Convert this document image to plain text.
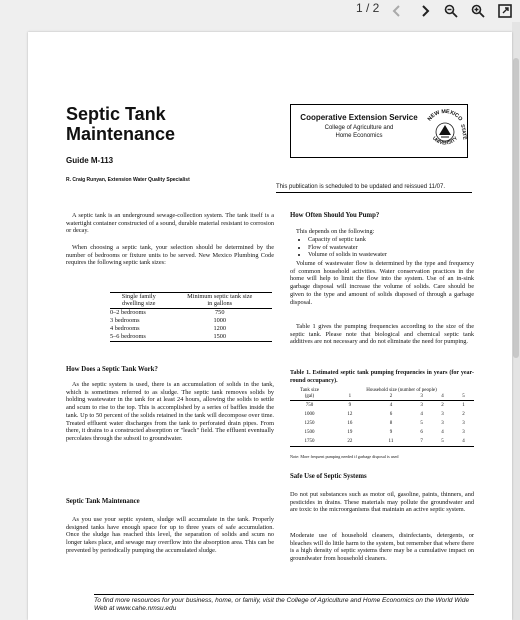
1 / 2
Septic Tank
Maintenance
Cooperative Extension Service
College of Agriculture and
Home Economics
NEW MEXICO
STATE
UNIVERSITY
Guide M-113
R. Craig Runyan, Extension Water Quality Specialist
This publication is scheduled to be updated and reissued 11/07.

A septic tank is an underground sewage-collection system. The tank itself is a watertight container constructed of a sound, durable material resistant to corrosion or decay.

When choosing a septic tank, your selection should be determined by the number of bedrooms or fixture units to be served. New Mexico Plumbing Code requires the following septic tank sizes:

Single family
dwelling size	Minimum septic tank size
in gallons
0–2 bedrooms	750
3 bedrooms	1000
4 bedrooms	1200
5–6 bedrooms	1500
How Does a Septic Tank Work?

As the septic system is used, there is an accumulation of solids in the tank, which is sometimes referred to as sludge. The septic tank removes solids by holding wastewater in the tank for at least 24 hours, allowing the solids to settle and scum to rise to the top. This is accomplished by a series of baffles inside the tank. Up to 50 percent of the solids retained in the tank will decompose over time. Treated effluent water discharges from the tank to perforated drain pipes. From there, it drains to a constructed absorption or "leach" field. The effluent eventually percolates through the subsoil to groundwater.

Septic Tank Maintenance

As you use your septic system, sludge will accumulate in the tank. Properly designed tanks have enough space for up to three years of safe accumulation. Once the sludge has reached this level, the separation of solids and scum no longer takes place, and sewage may overflow into the absorption area. This can be prevented by periodically pumping the accumulated sludge.

How Often Should You Pump?

This depends on the following:

• Capacity of septic tank
• Flow of wastewater
• Volume of solids in wastewater

Volume of wastewater flow is determined by the type and frequency of common household activities. Water conservation practices in the home will help to limit the flow into the system. Use of an in-sink garbage disposal will increase the volume of solids. Care should be given to the type and amount of solids disposed of through a garbage disposal.

Table 1 gives the pumping frequencies according to the size of the septic tank. Please note that biological and chemical septic tank additives are not necessary and do not eliminate the need for pumping.

Table 1. Estimated septic tank pumping frequencies in years (for year-round occupancy).

Tank size	Household size (number of people)				
(gal)	1	2	3	4	5

750	9	4	3	2	1
1000	12	6	4	3	2
1250	16	8	5	3	3
1500	19	9	6	4	3
1750	22	11	7	5	4

Note: More frequent pumping needed if garbage disposal is used
Safe Use of Septic Systems

Do not put substances such as motor oil, gasoline, paints, thinners, and pesticides in drains. These materials may pollute the groundwater and are toxic to the microorganisms that maintain an active septic system.

Moderate use of household cleaners, disinfectants, detergents, or bleaches will do little harm to the system, but remember that where there is a high density of septic systems there may be a cumulative impact on groundwater from household cleaners.

To find more resources for your business, home, or family, visit the College of Agriculture and Home Economics on the World Wide Web at www.cahe.nmsu.edu
